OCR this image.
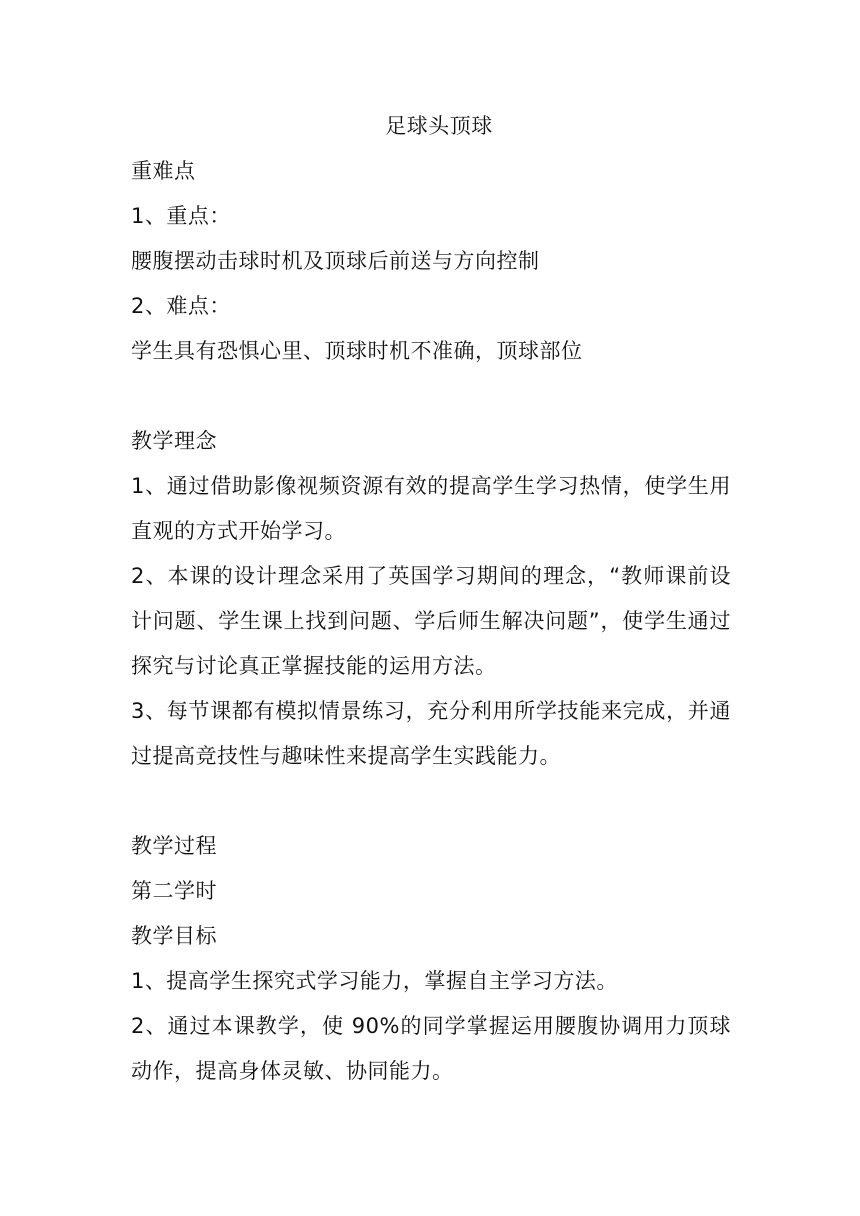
足球头顶球
重难点
1、重点：
腰腹摆动击球时机及顶球后前送与方向控制
2、难点：
学生具有恐惧心里、顶球时机不准确，顶球部位
教学理念
1、通过借助影像视频资源有效的提高学生学习热情，使学生用直观的方式开始学习。
2、本课的设计理念采用了英国学习期间的理念，“教师课前设计问题、学生课上找到问题、学后师生解决问题”，使学生通过探究与讨论真正掌握技能的运用方法。
3、每节课都有模拟情景练习，充分利用所学技能来完成，并通过提高竞技性与趣味性来提高学生实践能力。
教学过程
第二学时
教学目标
1、提高学生探究式学习能力，掌握自主学习方法。
2、通过本课教学，使 90%的同学掌握运用腰腹协调用力顶球动作，提高身体灵敏、协同能力。
